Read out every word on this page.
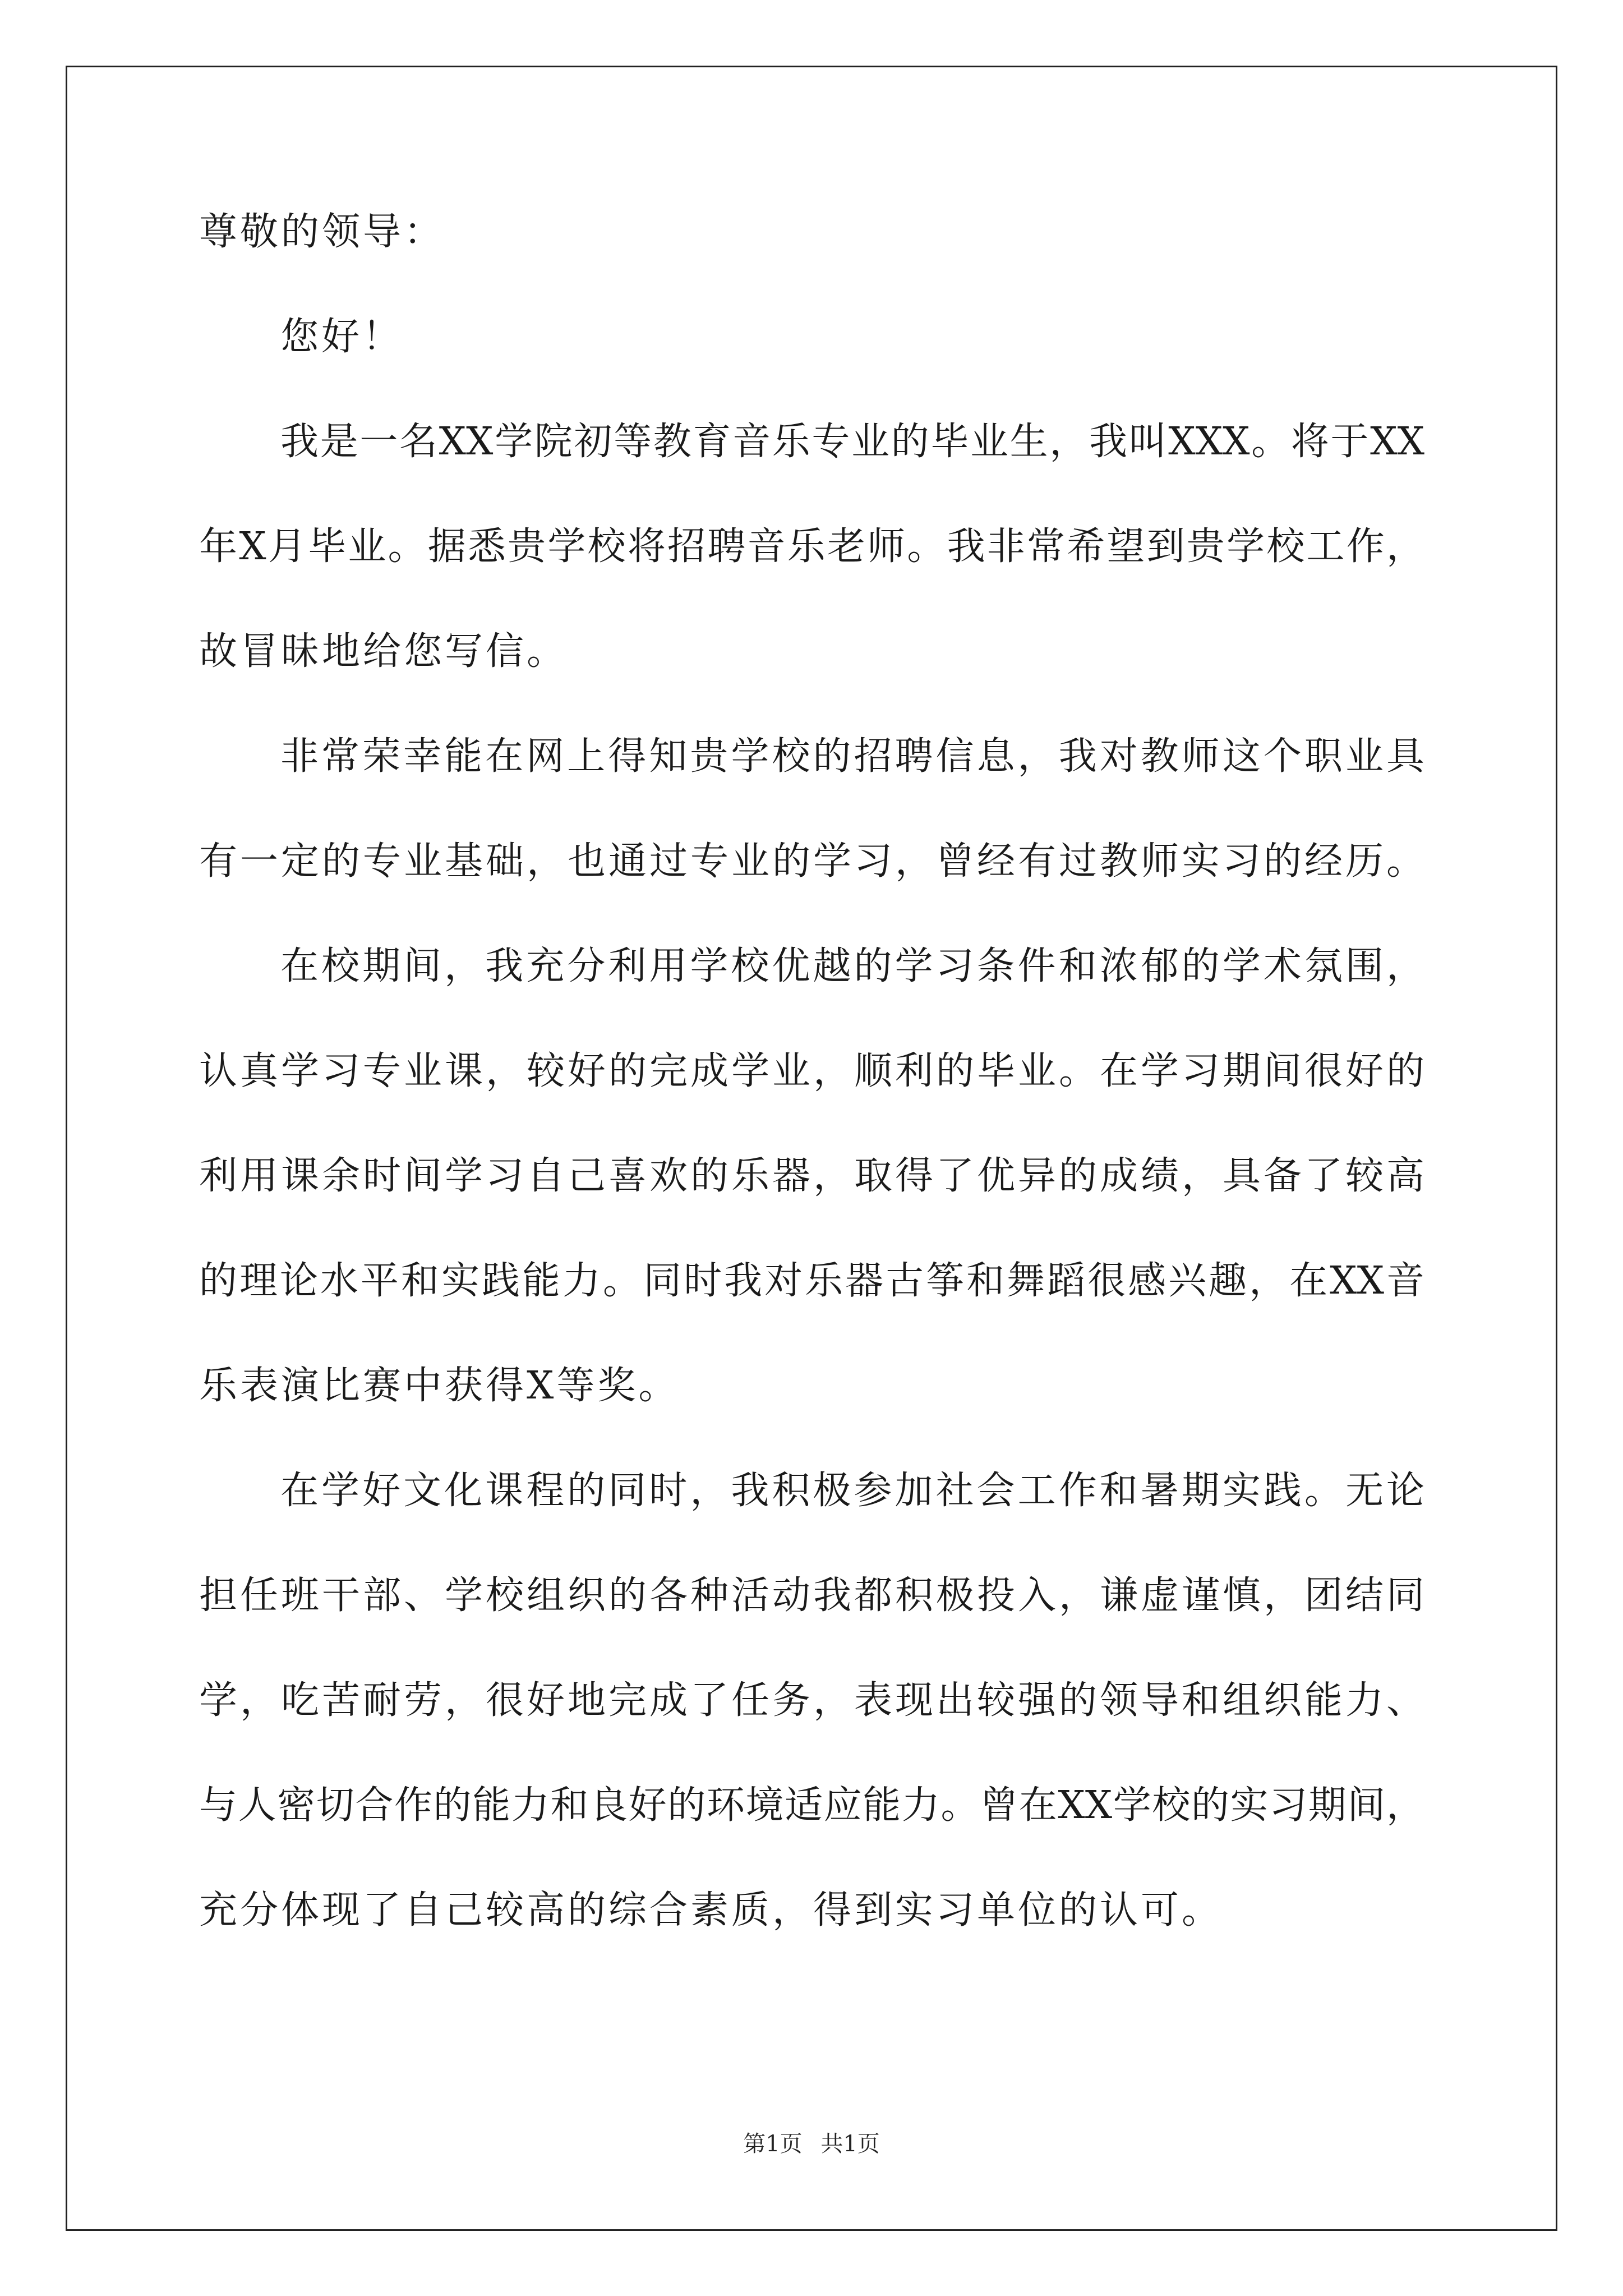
尊敬的领导：
您好！
我是一名XX学院初等教育音乐专业的毕业生，我叫XXX。将于XX
年X月毕业。据悉贵学校将招聘音乐老师。我非常希望到贵学校工作，
故冒昧地给您写信。
非常荣幸能在网上得知贵学校的招聘信息，我对教师这个职业具
有一定的专业基础，也通过专业的学习，曾经有过教师实习的经历。
在校期间，我充分利用学校优越的学习条件和浓郁的学术氛围，
认真学习专业课，较好的完成学业，顺利的毕业。在学习期间很好的
利用课余时间学习自己喜欢的乐器，取得了优异的成绩，具备了较高
的理论水平和实践能力。同时我对乐器古筝和舞蹈很感兴趣，在XX音
乐表演比赛中获得X等奖。
在学好文化课程的同时，我积极参加社会工作和暑期实践。无论
担任班干部、学校组织的各种活动我都积极投入，谦虚谨慎，团结同
学，吃苦耐劳，很好地完成了任务，表现出较强的领导和组织能力、
与人密切合作的能力和良好的环境适应能力。曾在XX学校的实习期间，
充分体现了自己较高的综合素质，得到实习单位的认可。
第1页 共1页
